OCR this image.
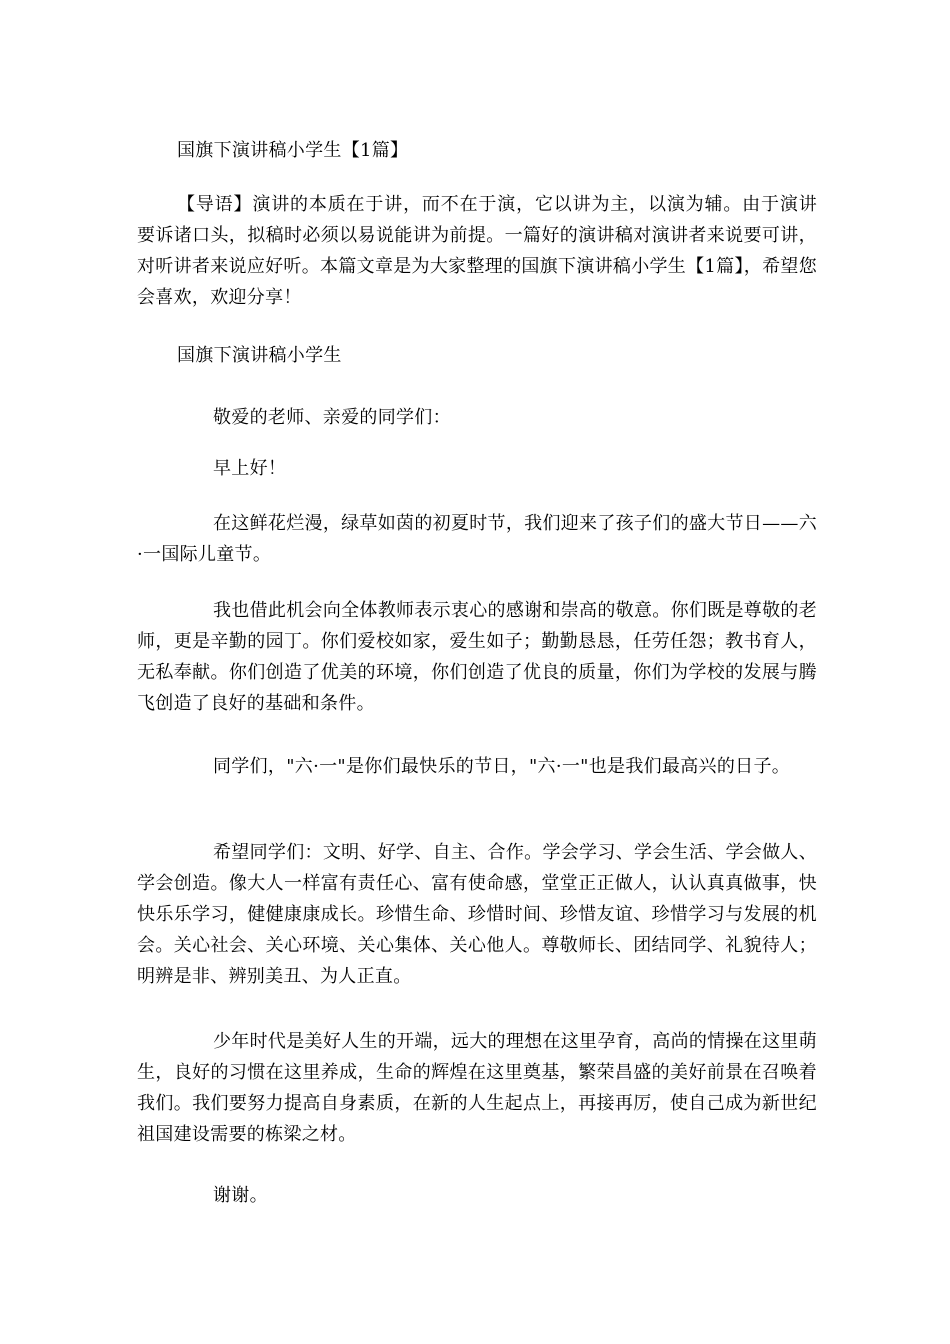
国旗下演讲稿小学生【1篇】

【导语】演讲的本质在于讲，而不在于演，它以讲为主，以演为辅。由于演讲要诉诸口头，拟稿时必须以易说能讲为前提。一篇好的演讲稿对演讲者来说要可讲，对听讲者来说应好听。本篇文章是为大家整理的国旗下演讲稿小学生【1篇】，希望您会喜欢，欢迎分享！

国旗下演讲稿小学生

敬爱的老师、亲爱的同学们：

早上好！

在这鲜花烂漫，绿草如茵的初夏时节，我们迎来了孩子们的盛大节日——六·一国际儿童节。

我也借此机会向全体教师表示衷心的感谢和崇高的敬意。你们既是尊敬的老师，更是辛勤的园丁。你们爱校如家，爱生如子；勤勤恳恳，任劳任怨；教书育人，无私奉献。你们创造了优美的环境，你们创造了优良的质量，你们为学校的发展与腾飞创造了良好的基础和条件。

同学们，"六·一"是你们最快乐的节日，"六·一"也是我们最高兴的日子。

希望同学们：文明、好学、自主、合作。学会学习、学会生活、学会做人、学会创造。像大人一样富有责任心、富有使命感，堂堂正正做人，认认真真做事，快快乐乐学习，健健康康成长。珍惜生命、珍惜时间、珍惜友谊、珍惜学习与发展的机会。关心社会、关心环境、关心集体、关心他人。尊敬师长、团结同学、礼貌待人；明辨是非、辨别美丑、为人正直。

少年时代是美好人生的开端，远大的理想在这里孕育，高尚的情操在这里萌生，良好的习惯在这里养成，生命的辉煌在这里奠基，繁荣昌盛的美好前景在召唤着我们。我们要努力提高自身素质，在新的人生起点上，再接再厉，使自己成为新世纪祖国建设需要的栋梁之材。

谢谢。
